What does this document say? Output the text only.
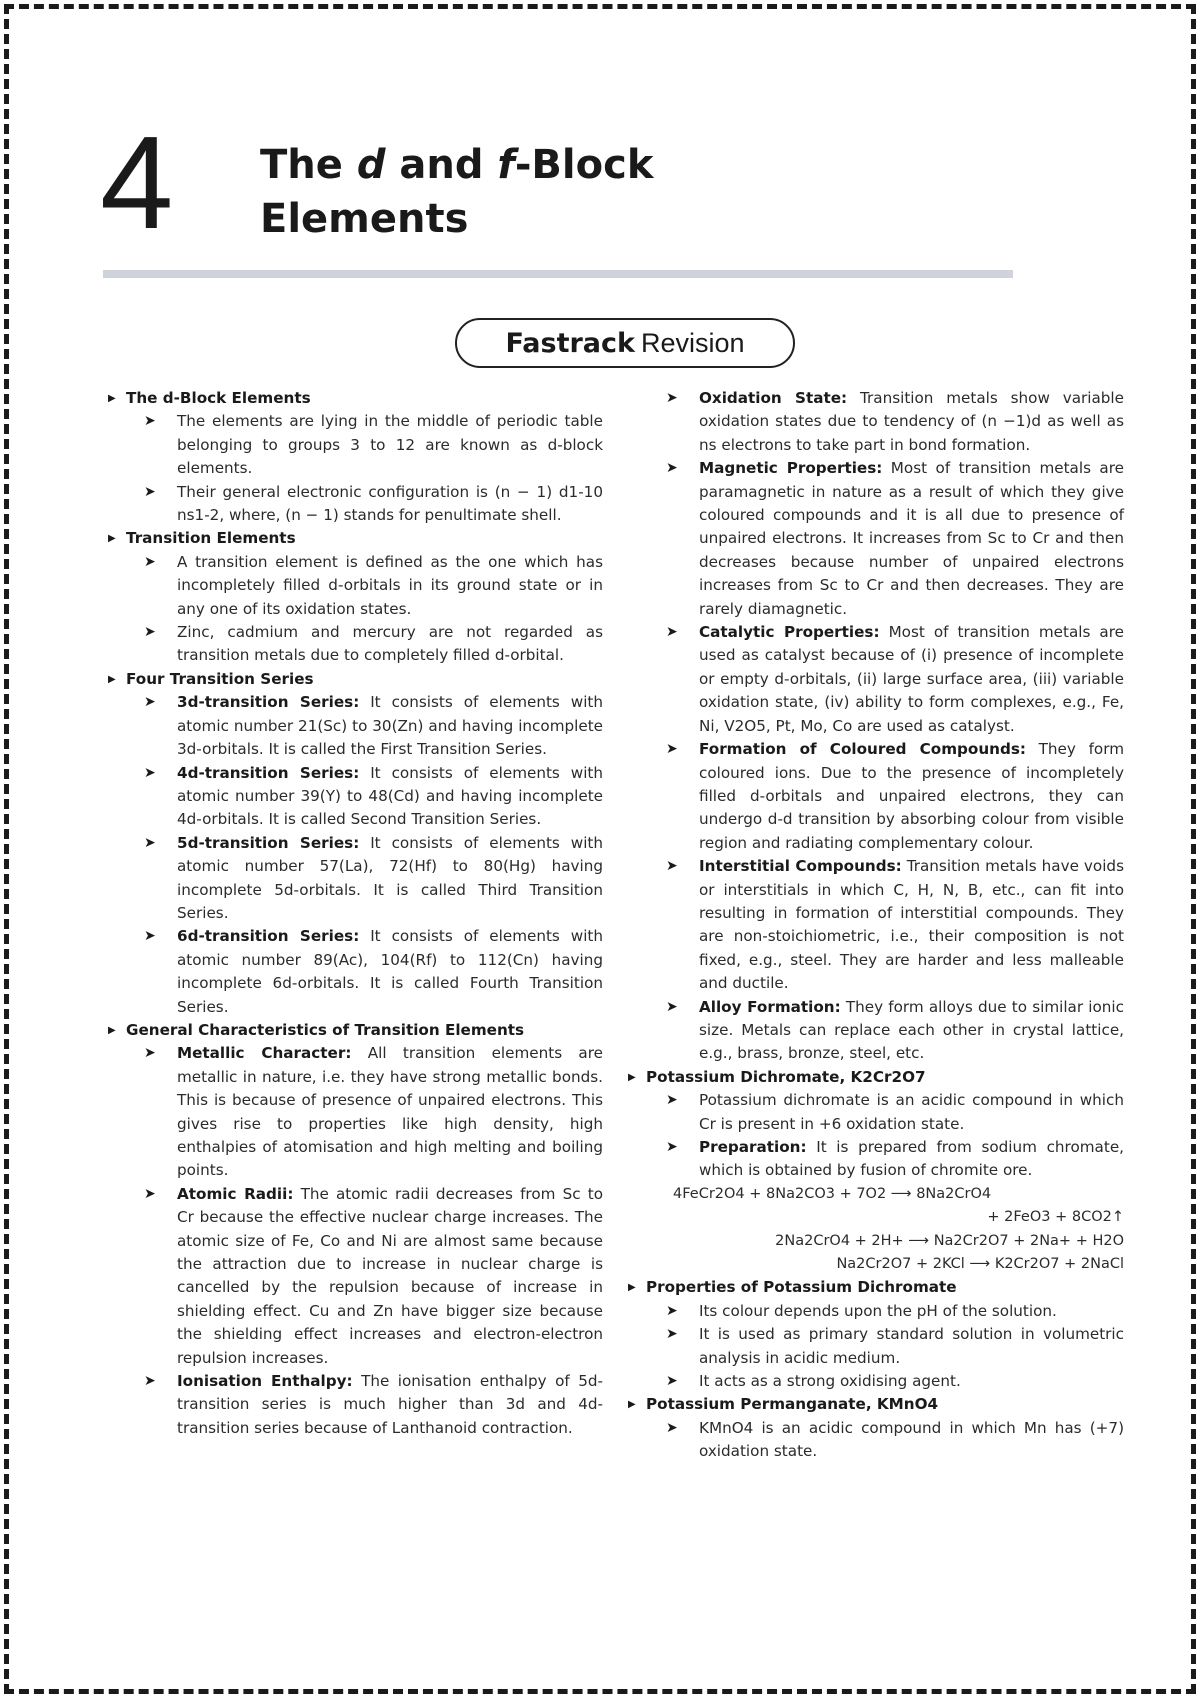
4 The d and f-Block
Elements
Fastrack Revision
▶ The d-Block Elements
➤ The elements are lying in the middle of periodic table belonging to groups 3 to 12 are known as d-block elements.
➤ Their general electronic configuration is (n − 1) d1-10 ns1-2, where, (n − 1) stands for penultimate shell.
▶ Transition Elements
➤ A transition element is defined as the one which has incompletely filled d-orbitals in its ground state or in any one of its oxidation states.
➤ Zinc, cadmium and mercury are not regarded as transition metals due to completely filled d-orbital.
▶ Four Transition Series
➤ 3d-transition Series: It consists of elements with atomic number 21(Sc) to 30(Zn) and having incomplete 3d-orbitals. It is called the First Transition Series.
➤ 4d-transition Series: It consists of elements with atomic number 39(Y) to 48(Cd) and having incomplete 4d-orbitals. It is called Second Transition Series.
➤ 5d-transition Series: It consists of elements with atomic number 57(La), 72(Hf) to 80(Hg) having incomplete 5d-orbitals. It is called Third Transition Series.
➤ 6d-transition Series: It consists of elements with atomic number 89(Ac), 104(Rf) to 112(Cn) having incomplete 6d-orbitals. It is called Fourth Transition Series.
▶ General Characteristics of Transition Elements
➤ Metallic Character: All transition elements are metallic in nature, i.e. they have strong metallic bonds. This is because of presence of unpaired electrons. This gives rise to properties like high density, high enthalpies of atomisation and high melting and boiling points.
➤ Atomic Radii: The atomic radii decreases from Sc to Cr because the effective nuclear charge increases. The atomic size of Fe, Co and Ni are almost same because the attraction due to increase in nuclear charge is cancelled by the repulsion because of increase in shielding effect. Cu and Zn have bigger size because the shielding effect increases and electron-electron repulsion increases.
➤ Ionisation Enthalpy: The ionisation enthalpy of 5d-transition series is much higher than 3d and 4d-transition series because of Lanthanoid contraction.
➤ Oxidation State: Transition metals show variable oxidation states due to tendency of (n −1)d as well as ns electrons to take part in bond formation.
➤ Magnetic Properties: Most of transition metals are paramagnetic in nature as a result of which they give coloured compounds and it is all due to presence of unpaired electrons. It increases from Sc to Cr and then decreases because number of unpaired electrons increases from Sc to Cr and then decreases. They are rarely diamagnetic.
➤ Catalytic Properties: Most of transition metals are used as catalyst because of (i) presence of incomplete or empty d-orbitals, (ii) large surface area, (iii) variable oxidation state, (iv) ability to form complexes, e.g., Fe, Ni, V2O5, Pt, Mo, Co are used as catalyst.
➤ Formation of Coloured Compounds: They form coloured ions. Due to the presence of incompletely filled d-orbitals and unpaired electrons, they can undergo d-d transition by absorbing colour from visible region and radiating complementary colour.
➤ Interstitial Compounds: Transition metals have voids or interstitials in which C, H, N, B, etc., can fit into resulting in formation of interstitial compounds. They are non-stoichiometric, i.e., their composition is not fixed, e.g., steel. They are harder and less malleable and ductile.
➤ Alloy Formation: They form alloys due to similar ionic size. Metals can replace each other in crystal lattice, e.g., brass, bronze, steel, etc.
▶ Potassium Dichromate, K2Cr2O7
➤ Potassium dichromate is an acidic compound in which Cr is present in +6 oxidation state.
➤ Preparation: It is prepared from sodium chromate, which is obtained by fusion of chromite ore.
4FeCr2O4 + 8Na2CO3 + 7O2 ⟶ 8Na2CrO4
+ 2FeO3 + 8CO2↑
2Na2CrO4 + 2H+ ⟶ Na2Cr2O7 + 2Na+ + H2O
Na2Cr2O7 + 2KCl ⟶ K2Cr2O7 + 2NaCl
▶ Properties of Potassium Dichromate
➤ Its colour depends upon the pH of the solution.
➤ It is used as primary standard solution in volumetric analysis in acidic medium.
➤ It acts as a strong oxidising agent.
▶ Potassium Permanganate, KMnO4
➤ KMnO4 is an acidic compound in which Mn has (+7) oxidation state.
